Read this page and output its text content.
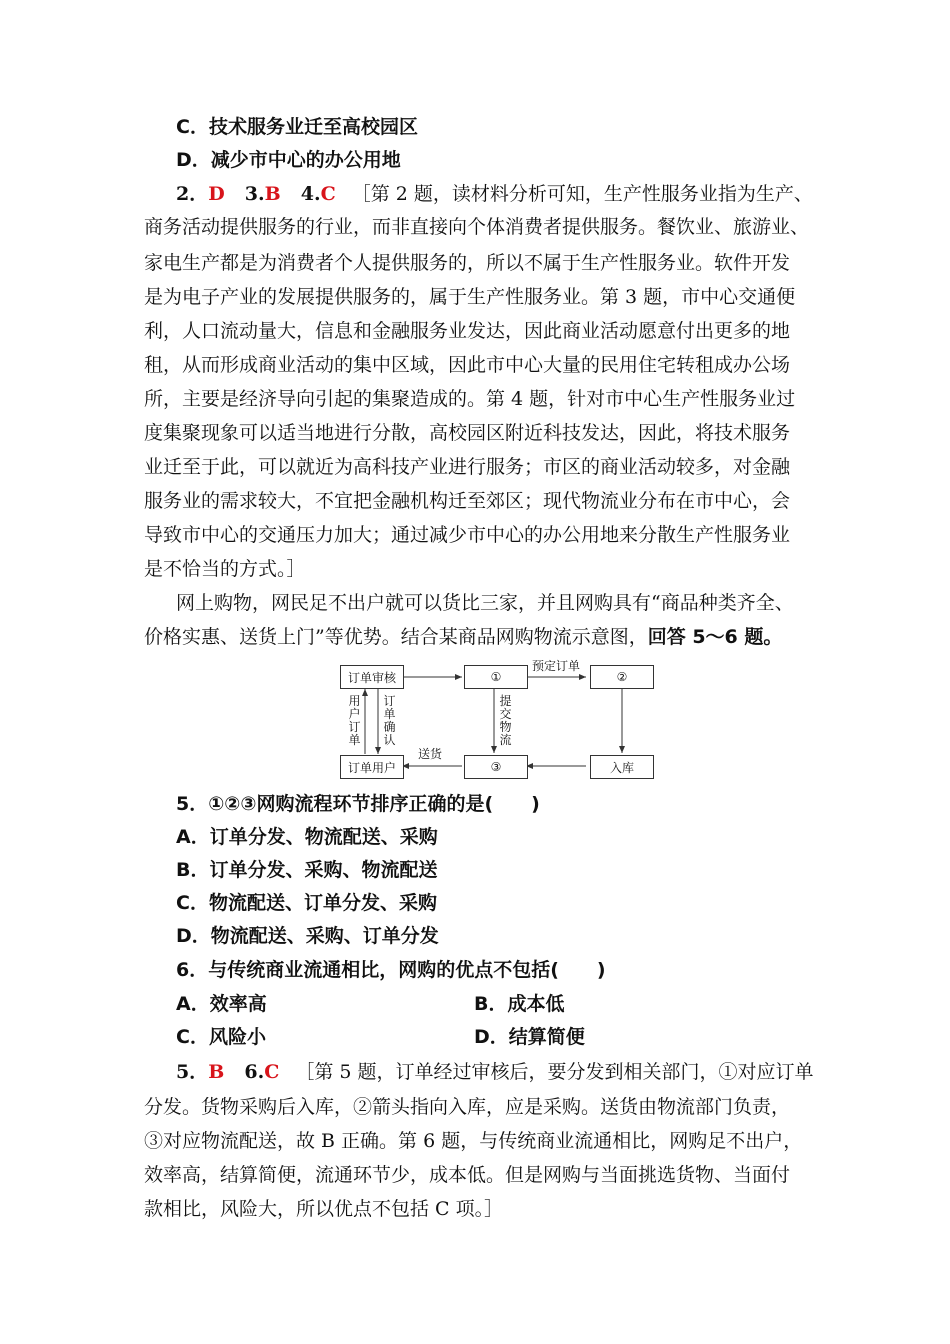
C．技术服务业迁至高校园区
D．减少市中心的办公用地
2．D 3.B 4.C ［第 2 题，读材料分析可知，生产性服务业指为生产、
商务活动提供服务的行业，而非直接向个体消费者提供服务。餐饮业、旅游业、
家电生产都是为消费者个人提供服务的，所以不属于生产性服务业。软件开发
是为电子产业的发展提供服务的，属于生产性服务业。第 3 题，市中心交通便
利，人口流动量大，信息和金融服务业发达，因此商业活动愿意付出更多的地
租，从而形成商业活动的集中区域，因此市中心大量的民用住宅转租成办公场
所，主要是经济导向引起的集聚造成的。第 4 题，针对市中心生产性服务业过
度集聚现象可以适当地进行分散，高校园区附近科技发达，因此，将技术服务
业迁至于此，可以就近为高科技产业进行服务；市区的商业活动较多，对金融
服务业的需求较大，不宜把金融机构迁至郊区；现代物流业分布在市中心，会
导致市中心的交通压力加大；通过减少市中心的办公用地来分散生产性服务业
是不恰当的方式。］
网上购物，网民足不出户就可以货比三家，并且网购具有“商品种类齐全、
价格实惠、送货上门”等优势。结合某商品网购物流示意图，回答 5～6 题。
订单审核	①	②
订单用户	③	入库
预定订单
送货
用户订单
订单确认
提交物流
5．①②③网购流程环节排序正确的是(　　)
A．订单分发、物流配送、采购
B．订单分发、采购、物流配送
C．物流配送、订单分发、采购
D．物流配送、采购、订单分发
6．与传统商业流通相比，网购的优点不包括(　　)
A．效率高	B．成本低
C．风险小	D．结算简便
5．B 6.C ［第 5 题，订单经过审核后，要分发到相关部门，①对应订单
分发。货物采购后入库，②箭头指向入库，应是采购。送货由物流部门负责，
③对应物流配送，故 B 正确。第 6 题，与传统商业流通相比，网购足不出户，
效率高，结算简便，流通环节少，成本低。但是网购与当面挑选货物、当面付
款相比，风险大，所以优点不包括 C 项。］
